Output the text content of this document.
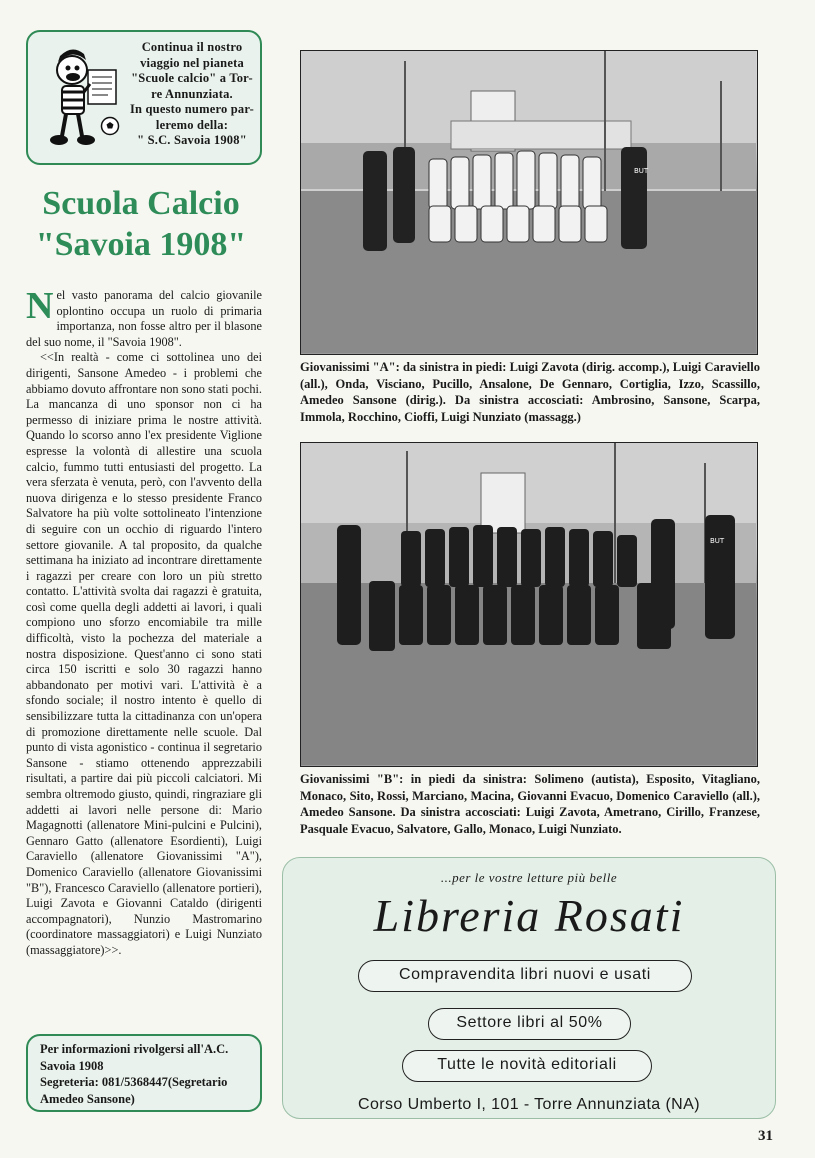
Continua il nostro
viaggio nel pianeta
"Scuole calcio" a Tor-
re Annunziata.
In questo numero par-
leremo della:
" S.C. Savoia 1908"
Scuola Calcio
"Savoia 1908"

Nel vasto panorama del calcio giovanile oplontino occupa un ruolo di primaria importanza, non fosse altro per il blasone del suo nome, il "Savoia 1908".

<<In realtà - come ci sottolinea uno dei dirigenti, Sansone Amedeo - i problemi che abbiamo dovuto affrontare non sono stati pochi. La mancanza di uno sponsor non ci ha permesso di iniziare prima le nostre attività. Quando lo scorso anno l'ex presidente Viglione espresse la volontà di allestire una scuola calcio, fummo tutti entusiasti del progetto. La vera sferzata è venuta, però, con l'avvento della nuova dirigenza e lo stesso presidente Franco Salvatore ha più volte sottolineato l'intenzione di seguire con un occhio di riguardo l'intero settore giovanile. A tal proposito, da qualche settimana ha iniziato ad incontrare direttamente i ragazzi per creare con loro un più stretto contatto. L'attività svolta dai ragazzi è gratuita, così come quella degli addetti ai lavori, i quali compiono uno sforzo encomiabile tra mille difficoltà, visto la pochezza del materiale a nostra disposizione. Quest'anno ci sono stati circa 150 iscritti e solo 30 ragazzi hanno abbandonato per motivi vari. L'attività è a sfondo sociale; il nostro intento è quello di sensibilizzare tutta la cittadinanza con un'opera di promozione direttamente nelle scuole. Dal punto di vista agonistico - continua il segretario Sansone - stiamo ottenendo apprezzabili risultati, a partire dai più piccoli calciatori. Mi sembra oltremodo giusto, quindi, ringraziare gli addetti ai lavori nelle persone di: Mario Magagnotti (allenatore Mini-pulcini e Pulcini), Gennaro Gatto (allenatore Esordienti), Luigi Caraviello (allenatore Giovanissimi "A"), Domenico Caraviello (allenatore Giovanissimi "B"), Francesco Caraviello (allenatore portieri), Luigi Zavota e Giovanni Cataldo (dirigenti accompagnatori), Nunzio Mastromarino (coordinatore massaggiatori) e Luigi Nunziato (massaggiatore)>>.

Per informazioni rivolgersi all'A.C.
Savoia 1908
Segreteria: 081/5368447(Segretario
Amedeo Sansone)
BUT
Giovanissimi "A": da sinistra in piedi: Luigi Zavota (dirig. accomp.), Luigi Caraviello (all.), Onda, Visciano, Pucillo, Ansalone, De Gennaro, Cortiglia, Izzo, Scassillo, Amedeo Sansone (dirig.). Da sinistra accosciati: Ambrosino, Sansone, Scarpa, Immola, Rocchino, Cioffi, Luigi Nunziato (massagg.)
BUT
Giovanissimi "B": in piedi da sinistra: Solimeno (autista), Esposito, Vitagliano, Monaco, Sito, Rossi, Marciano, Macina, Giovanni Evacuo, Domenico Caraviello (all.), Amedeo Sansone. Da sinistra accosciati: Luigi Zavota, Ametrano, Cirillo, Franzese, Pasquale Evacuo, Salvatore, Gallo, Monaco, Luigi Nunziato.
...per le vostre letture più belle
Libreria Rosati
Compravendita libri nuovi e usati
Settore libri al 50%
Tutte le novità editoriali
Corso Umberto I, 101 - Torre Annunziata (NA)
31
